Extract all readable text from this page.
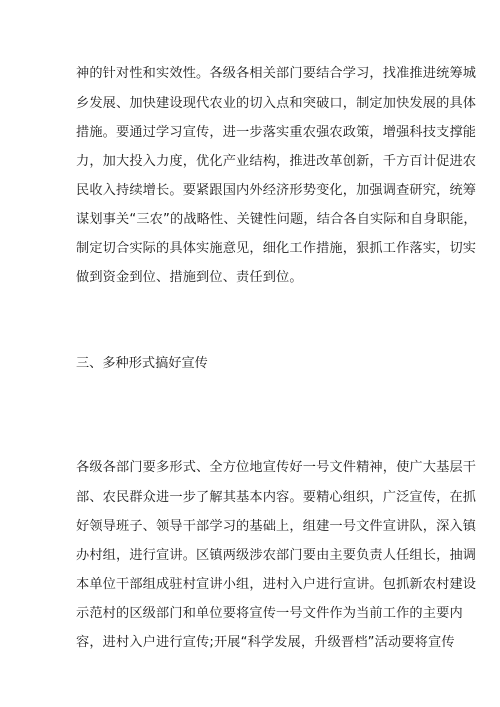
神的针对性和实效性。各级各相关部门要结合学习，找准推进统筹城
乡发展、加快建设现代农业的切入点和突破口，制定加快发展的具体
措施。要通过学习宣传，进一步落实重农强农政策，增强科技支撑能
力，加大投入力度，优化产业结构，推进改革创新，千方百计促进农
民收入持续增长。要紧跟国内外经济形势变化，加强调查研究，统筹
谋划事关“三农”的战略性、关键性问题，结合各自实际和自身职能，
制定切合实际的具体实施意见，细化工作措施，狠抓工作落实，切实
做到资金到位、措施到位、责任到位。
三、多种形式搞好宣传
各级各部门要多形式、全方位地宣传好一号文件精神，使广大基层干
部、农民群众进一步了解其基本内容。要精心组织，广泛宣传，在抓
好领导班子、领导干部学习的基础上，组建一号文件宣讲队，深入镇
办村组，进行宣讲。区镇两级涉农部门要由主要负责人任组长，抽调
本单位干部组成驻村宣讲小组，进村入户进行宣讲。包抓新农村建设
示范村的区级部门和单位要将宣传一号文件作为当前工作的主要内
容，进村入户进行宣传;开展“科学发展，升级晋档”活动要将宣传
